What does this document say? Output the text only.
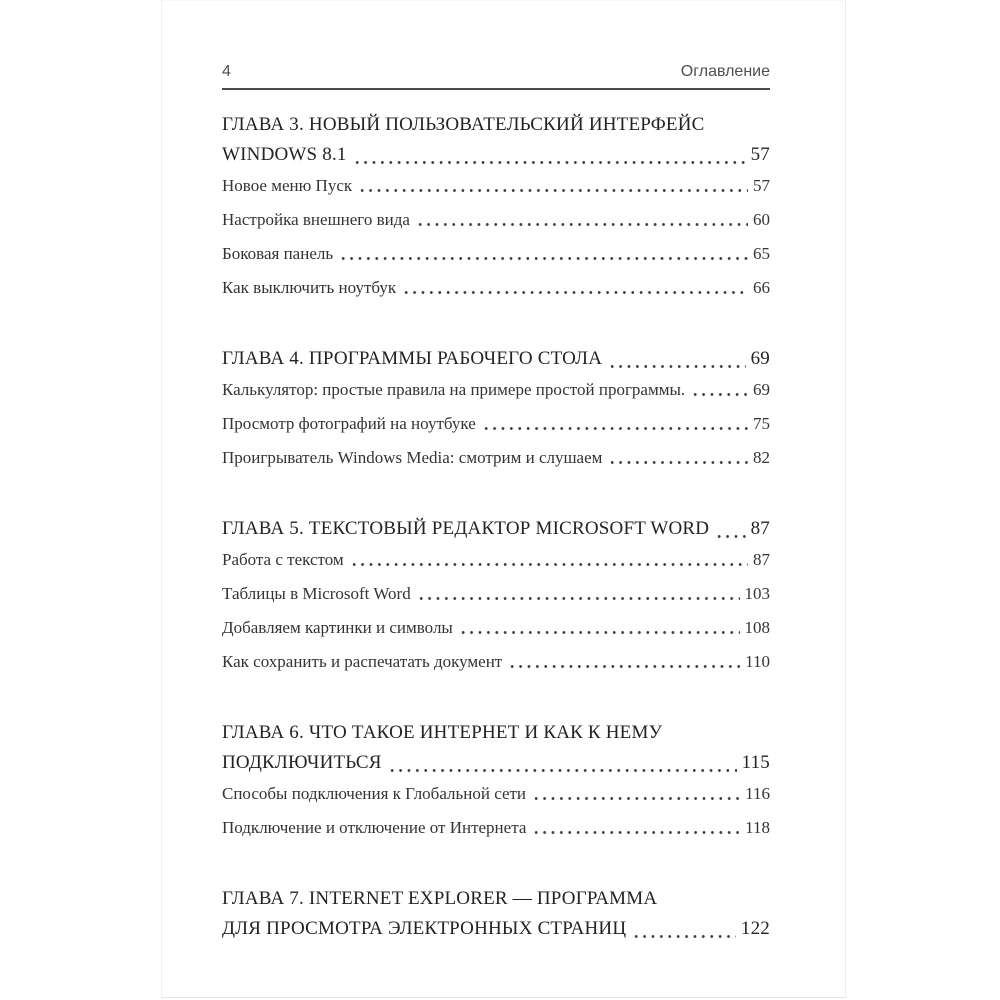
4	Оглавление
ГЛАВА 3. НОВЫЙ ПОЛЬЗОВАТЕЛЬСКИЙ ИНТЕРФЕЙС
WINDOWS 8.1	57
Новое меню Пуск	57
Настройка внешнего вида	60
Боковая панель	65
Как выключить ноутбук	66
ГЛАВА 4. ПРОГРАММЫ РАБОЧЕГО СТОЛА	69
Калькулятор: простые правила на примере простой программы.	69
Просмотр фотографий на ноутбуке	75
Проигрыватель Windows Media: смотрим и слушаем	82
ГЛАВА 5. ТЕКСТОВЫЙ РЕДАКТОР MICROSOFT WORD 87
Работа с текстом	87
Таблицы в Microsoft Word	103
Добавляем картинки и символы	108
Как сохранить и распечатать документ	110
ГЛАВА 6. ЧТО ТАКОЕ ИНТЕРНЕТ И КАК К НЕМУ
ПОДКЛЮЧИТЬСЯ	115
Способы подключения к Глобальной сети	116
Подключение и отключение от Интернета	118
ГЛАВА 7. INTERNET EXPLORER — ПРОГРАММА
ДЛЯ ПРОСМОТРА ЭЛЕКТРОННЫХ СТРАНИЦ	122
